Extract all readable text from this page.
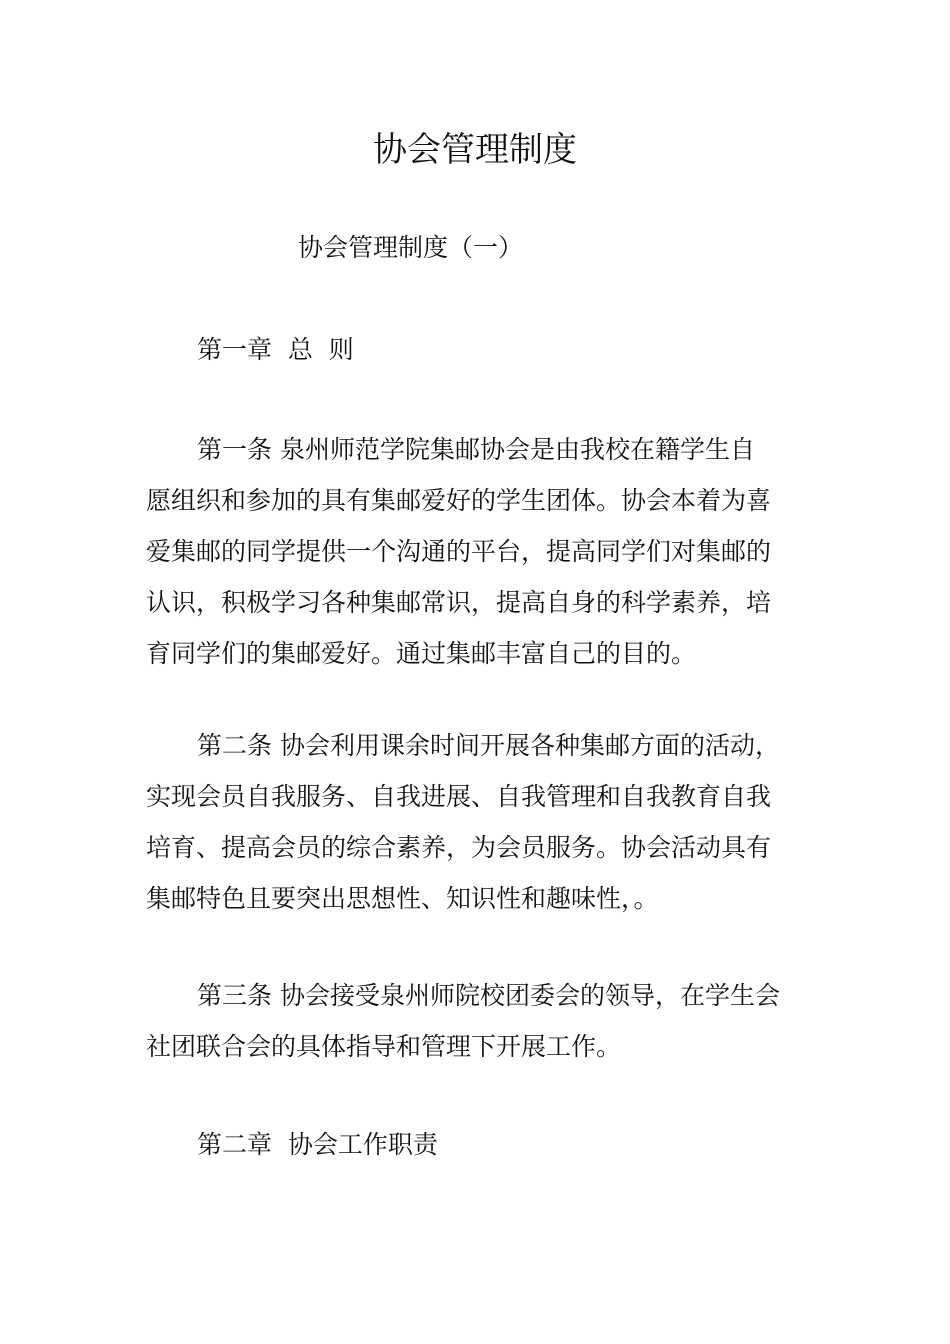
协会管理制度

协会管理制度（一）

第一章  总  则

第一条 泉州师范学院集邮协会是由我校在籍学生自
愿组织和参加的具有集邮爱好的学生团体。协会本着为喜
爱集邮的同学提供一个沟通的平台，提高同学们对集邮的
认识，积极学习各种集邮常识，提高自身的科学素养，培
育同学们的集邮爱好。通过集邮丰富自己的目的。
第二条 协会利用课余时间开展各种集邮方面的活动，
实现会员自我服务、自我进展、自我管理和自我教育自我
培育、提高会员的综合素养，为会员服务。协会活动具有
集邮特色且要突出思想性、知识性和趣味性，。
第三条 协会接受泉州师院校团委会的领导，在学生会
社团联合会的具体指导和管理下开展工作。

第二章  协会工作职责
